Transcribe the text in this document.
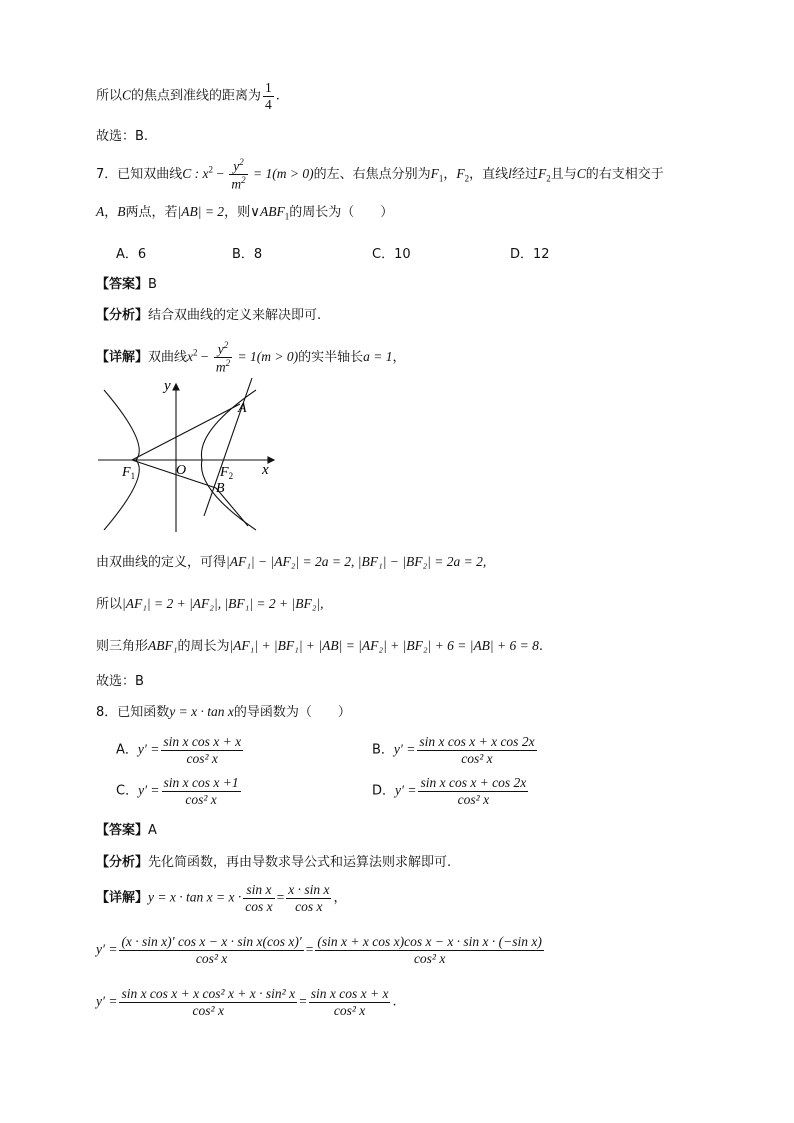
所以C的焦点到准线的距离为 $\frac{1}{4}$ .
故选：B.
7．已知双曲线C : $x^2 - \frac{y^2}{m^2} = 1(m > 0)$的左、右焦点分别为$F_1$，$F_2$，直线l经过$F_2$且与C的右支相交于
A，B两点，若|AB| = 2，则$\vee ABF_1$的周长为（　　）
A．6	B．8	C．10	D．12
【答案】B
【分析】结合双曲线的定义来解决即可.
【详解】双曲线$x^2 - \frac{y^2}{m^2} = 1(m > 0)$的实半轴长a = 1，
y
x
O
A
B
$F_1$	$F_2$
由双曲线的定义，可得|AF₁| − |AF₂| = 2a = 2, |BF₁| − |BF₂| = 2a = 2,
所以|AF₁| = 2 + |AF₂|, |BF₁| = 2 + |BF₂|,
则三角形ABF₁的周长为|AF₁| + |BF₁| + |AB| = |AF₂| + |BF₂| + 6 = |AB| + 6 = 8.
故选：B
8．已知函数y = x · tan x的导函数为（　　）
A．$y' = \frac{\text{sin x cos x + x}}{\text{cos² x}}$	B．$y' = \frac{\text{sin x cos x + x cos 2x}}{\text{cos² x}}$
C．$y' = \frac{\text{sin x cos x +1}}{\text{cos² x}}$	D．$y' = \frac{\text{sin x cos x + cos 2x}}{\text{cos² x}}$
【答案】A
【分析】先化简函数，再由导数求导公式和运算法则求解即可.
【详解】$y = x \cdot \tan x = x \cdot \frac{\text{sin x}}{\text{cos x}} = \frac{\text{x · sin x}}{\text{cos x}}$ ，
$y' = \frac{\text{(x · sin x)′ cos x − x · sin x(cos x)′}}{\text{cos² x}} = \frac{\text{(sin x + x cos x)cos x − x · sin x · (−sin x)}}{\text{cos² x}}$
$y' = \frac{\text{sin x cos x + x cos² x + x · sin² x}}{\text{cos² x}} = \frac{\text{sin x cos x + x}}{\text{cos² x}}$ .
